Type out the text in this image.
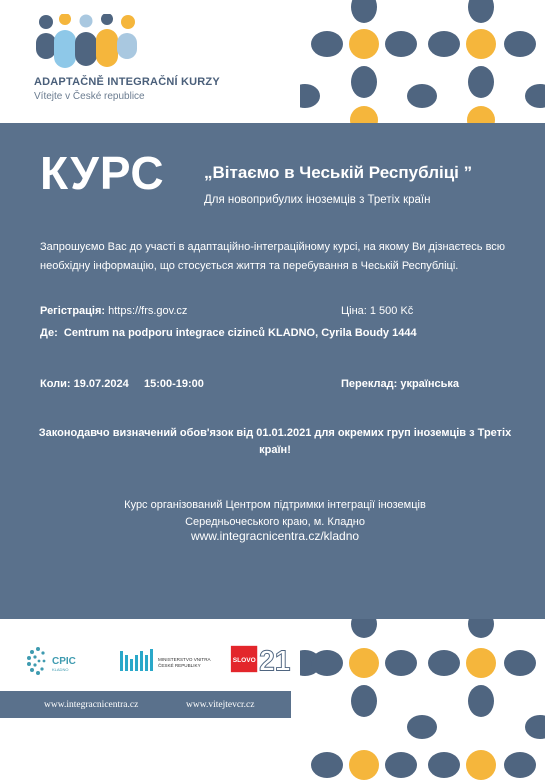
ADAPTAČNĚ INTEGRAČNÍ KURZY
Vítejte v České republice
КУРС „Вітаємо в Чеській Республіці ”
Для новоприбулих іноземців з Третіх країн
Запрошуємо Вас до участі в адаптаційно-інтеграційному курсі, на якому Ви дізнаєтесь всю необхідну інформацію, що стосується життя та перебування в Чеській Республіці.
Регістрація: https://frs.gov.cz	Ціна: 1 500 Kč
Де: Centrum na podporu integrace cizinců KLADNO, Cyrila Boudy 1444
Коли: 19.07.2024 15:00-19:00	Переклад: українська
Законодавчо визначений обов'язок від 01.01.2021 для окремих груп іноземців з Третіх країн!
Курс організований Центром підтримки інтеграції іноземців
Середньочеського краю, м. Кладно
www.integracnicentra.cz/kladno
CPIC
KLADNO
MINISTERSTVO VNITRA
ČESKÉ REPUBLIKY
SLOVO 21
www.integracnicentra.cz	www.vitejtevcr.cz
